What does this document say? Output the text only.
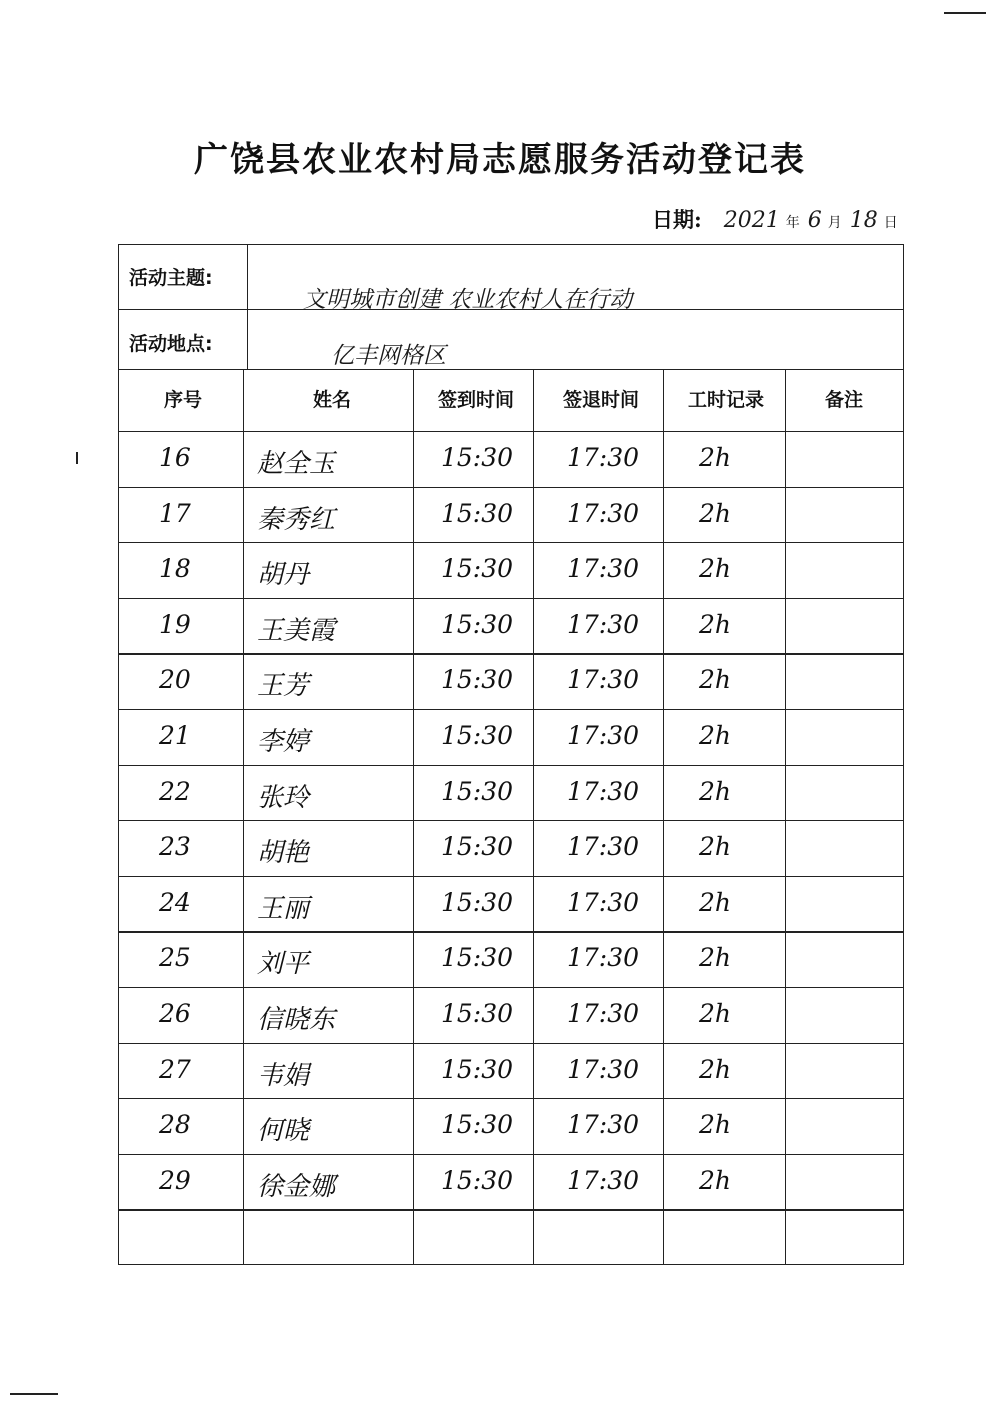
广饶县农业农村局志愿服务活动登记表
日期: 2021 年 6 月 18 日
活动主题:
文明城市创建 农业农村人在行动
活动地点:	亿丰网格区
序号	姓名	签到时间	签退时间	工时记录	备注
16	赵全玉	15:30 17:30 2h
17	秦秀红	15:30 17:30 2h
18	胡丹	15:30 17:30 2h
19	王美霞	15:30 17:30 2h
20	王芳	15:30 17:30 2h
21	李婷	15:30 17:30 2h
22	张玲	15:30 17:30 2h
23	胡艳	15:30 17:30 2h
24	王丽	15:30 17:30 2h
25	刘平	15:30 17:30 2h
26	信晓东	15:30 17:30 2h
27	韦娟	15:30 17:30 2h
28	何晓	15:30 17:30 2h
29	徐金娜	15:30 17:30 2h
